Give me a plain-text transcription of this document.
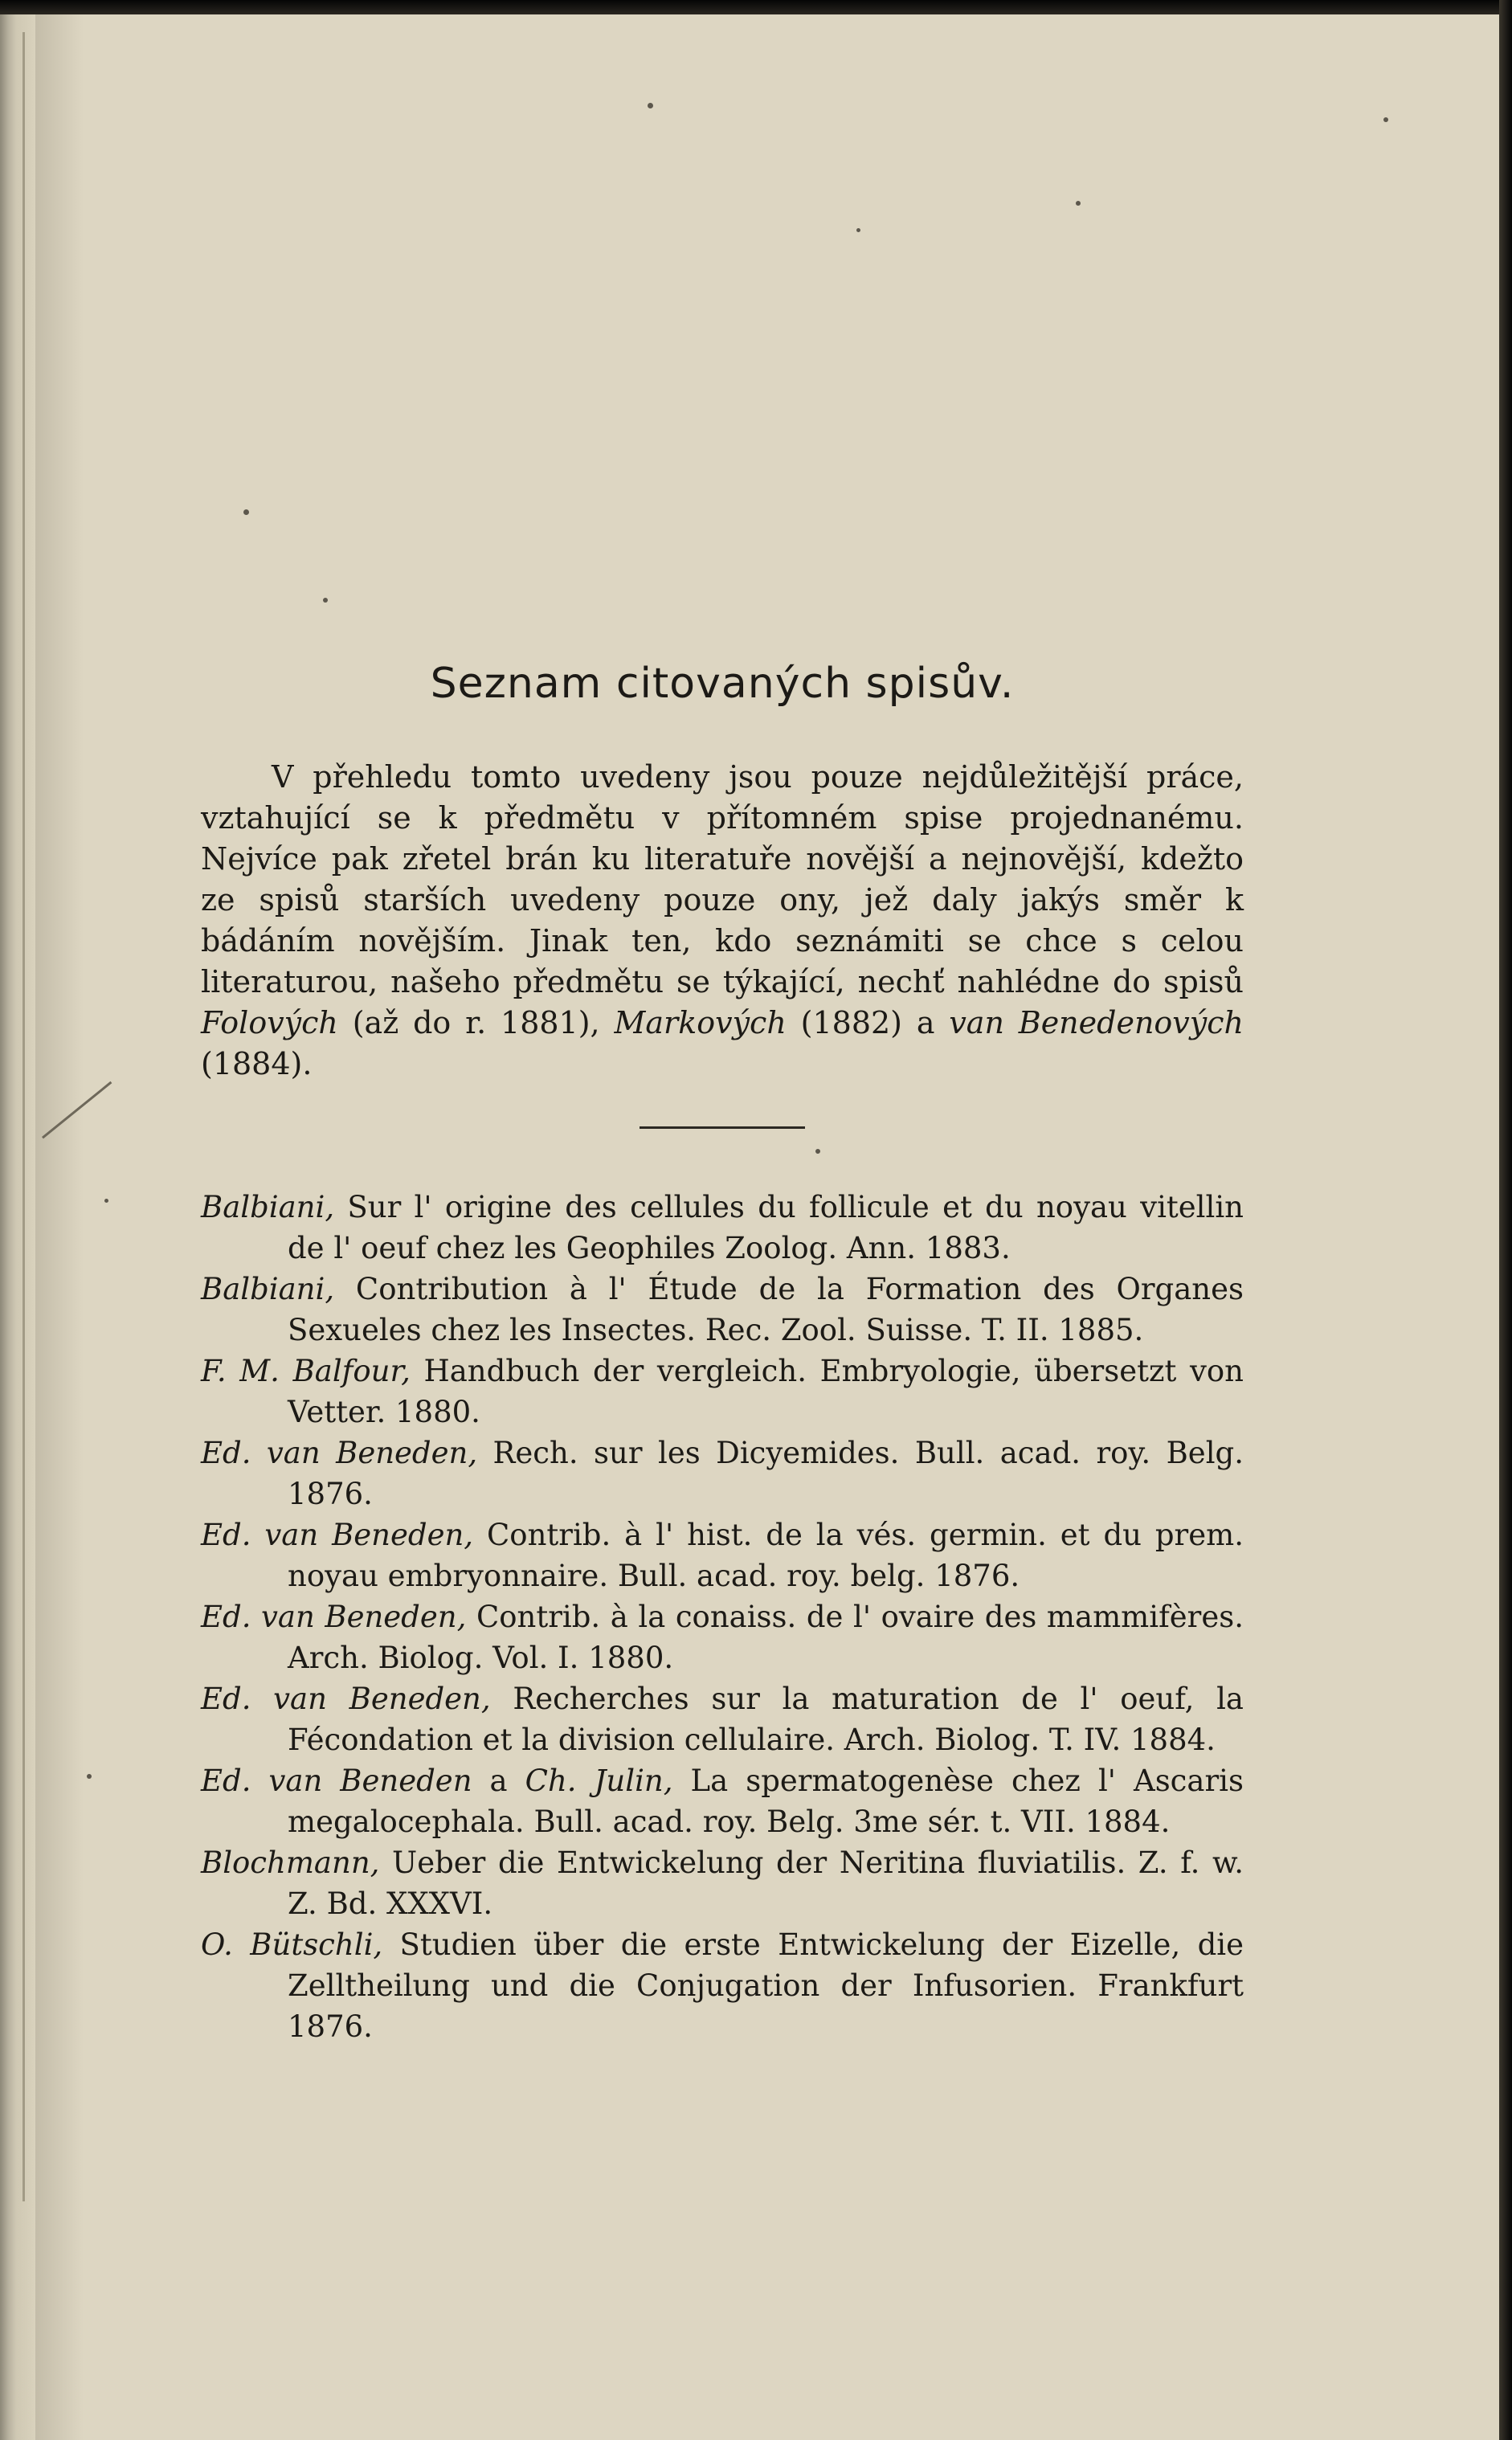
Seznam citovaných spisův.

V přehledu tomto uvedeny jsou pouze nejdůležitější práce, vztahující se k předmětu v přítomném spise projednanému. Nejvíce pak zřetel brán ku literatuře novější a nejnovější, kdežto ze spisů starších uvedeny pouze ony, jež daly jakýs směr k bádáním novějším. Jinak ten, kdo seznámiti se chce s celou literaturou, našeho předmětu se týkající, nechť nahlédne do spisů Folových (až do r. 1881), Markových (1882) a van Benedenových (1884).

Balbiani, Sur l' origine des cellules du follicule et du noyau vitellin de l' oeuf chez les Geophiles Zoolog. Ann. 1883.
Balbiani, Contribution à l' Étude de la Formation des Organes Sexueles chez les Insectes. Rec. Zool. Suisse. T. II. 1885.
F. M. Balfour, Handbuch der vergleich. Embryologie, übersetzt von Vetter. 1880.
Ed. van Beneden, Rech. sur les Dicyemides. Bull. acad. roy. Belg. 1876.
Ed. van Beneden, Contrib. à l' hist. de la vés. germin. et du prem. noyau embryonnaire. Bull. acad. roy. belg. 1876.
Ed. van Beneden, Contrib. à la conaiss. de l' ovaire des mammifères. Arch. Biolog. Vol. I. 1880.
Ed. van Beneden, Recherches sur la maturation de l' oeuf, la Fécondation et la division cellulaire. Arch. Biolog. T. IV. 1884.
Ed. van Beneden a Ch. Julin, La spermatogenèse chez l' Ascaris megalocephala. Bull. acad. roy. Belg. 3me sér. t. VII. 1884.
Blochmann, Ueber die Entwickelung der Neritina fluviatilis. Z. f. w. Z. Bd. XXXVI.
O. Bütschli, Studien über die erste Entwickelung der Eizelle, die Zelltheilung und die Conjugation der Infusorien. Frankfurt 1876.
